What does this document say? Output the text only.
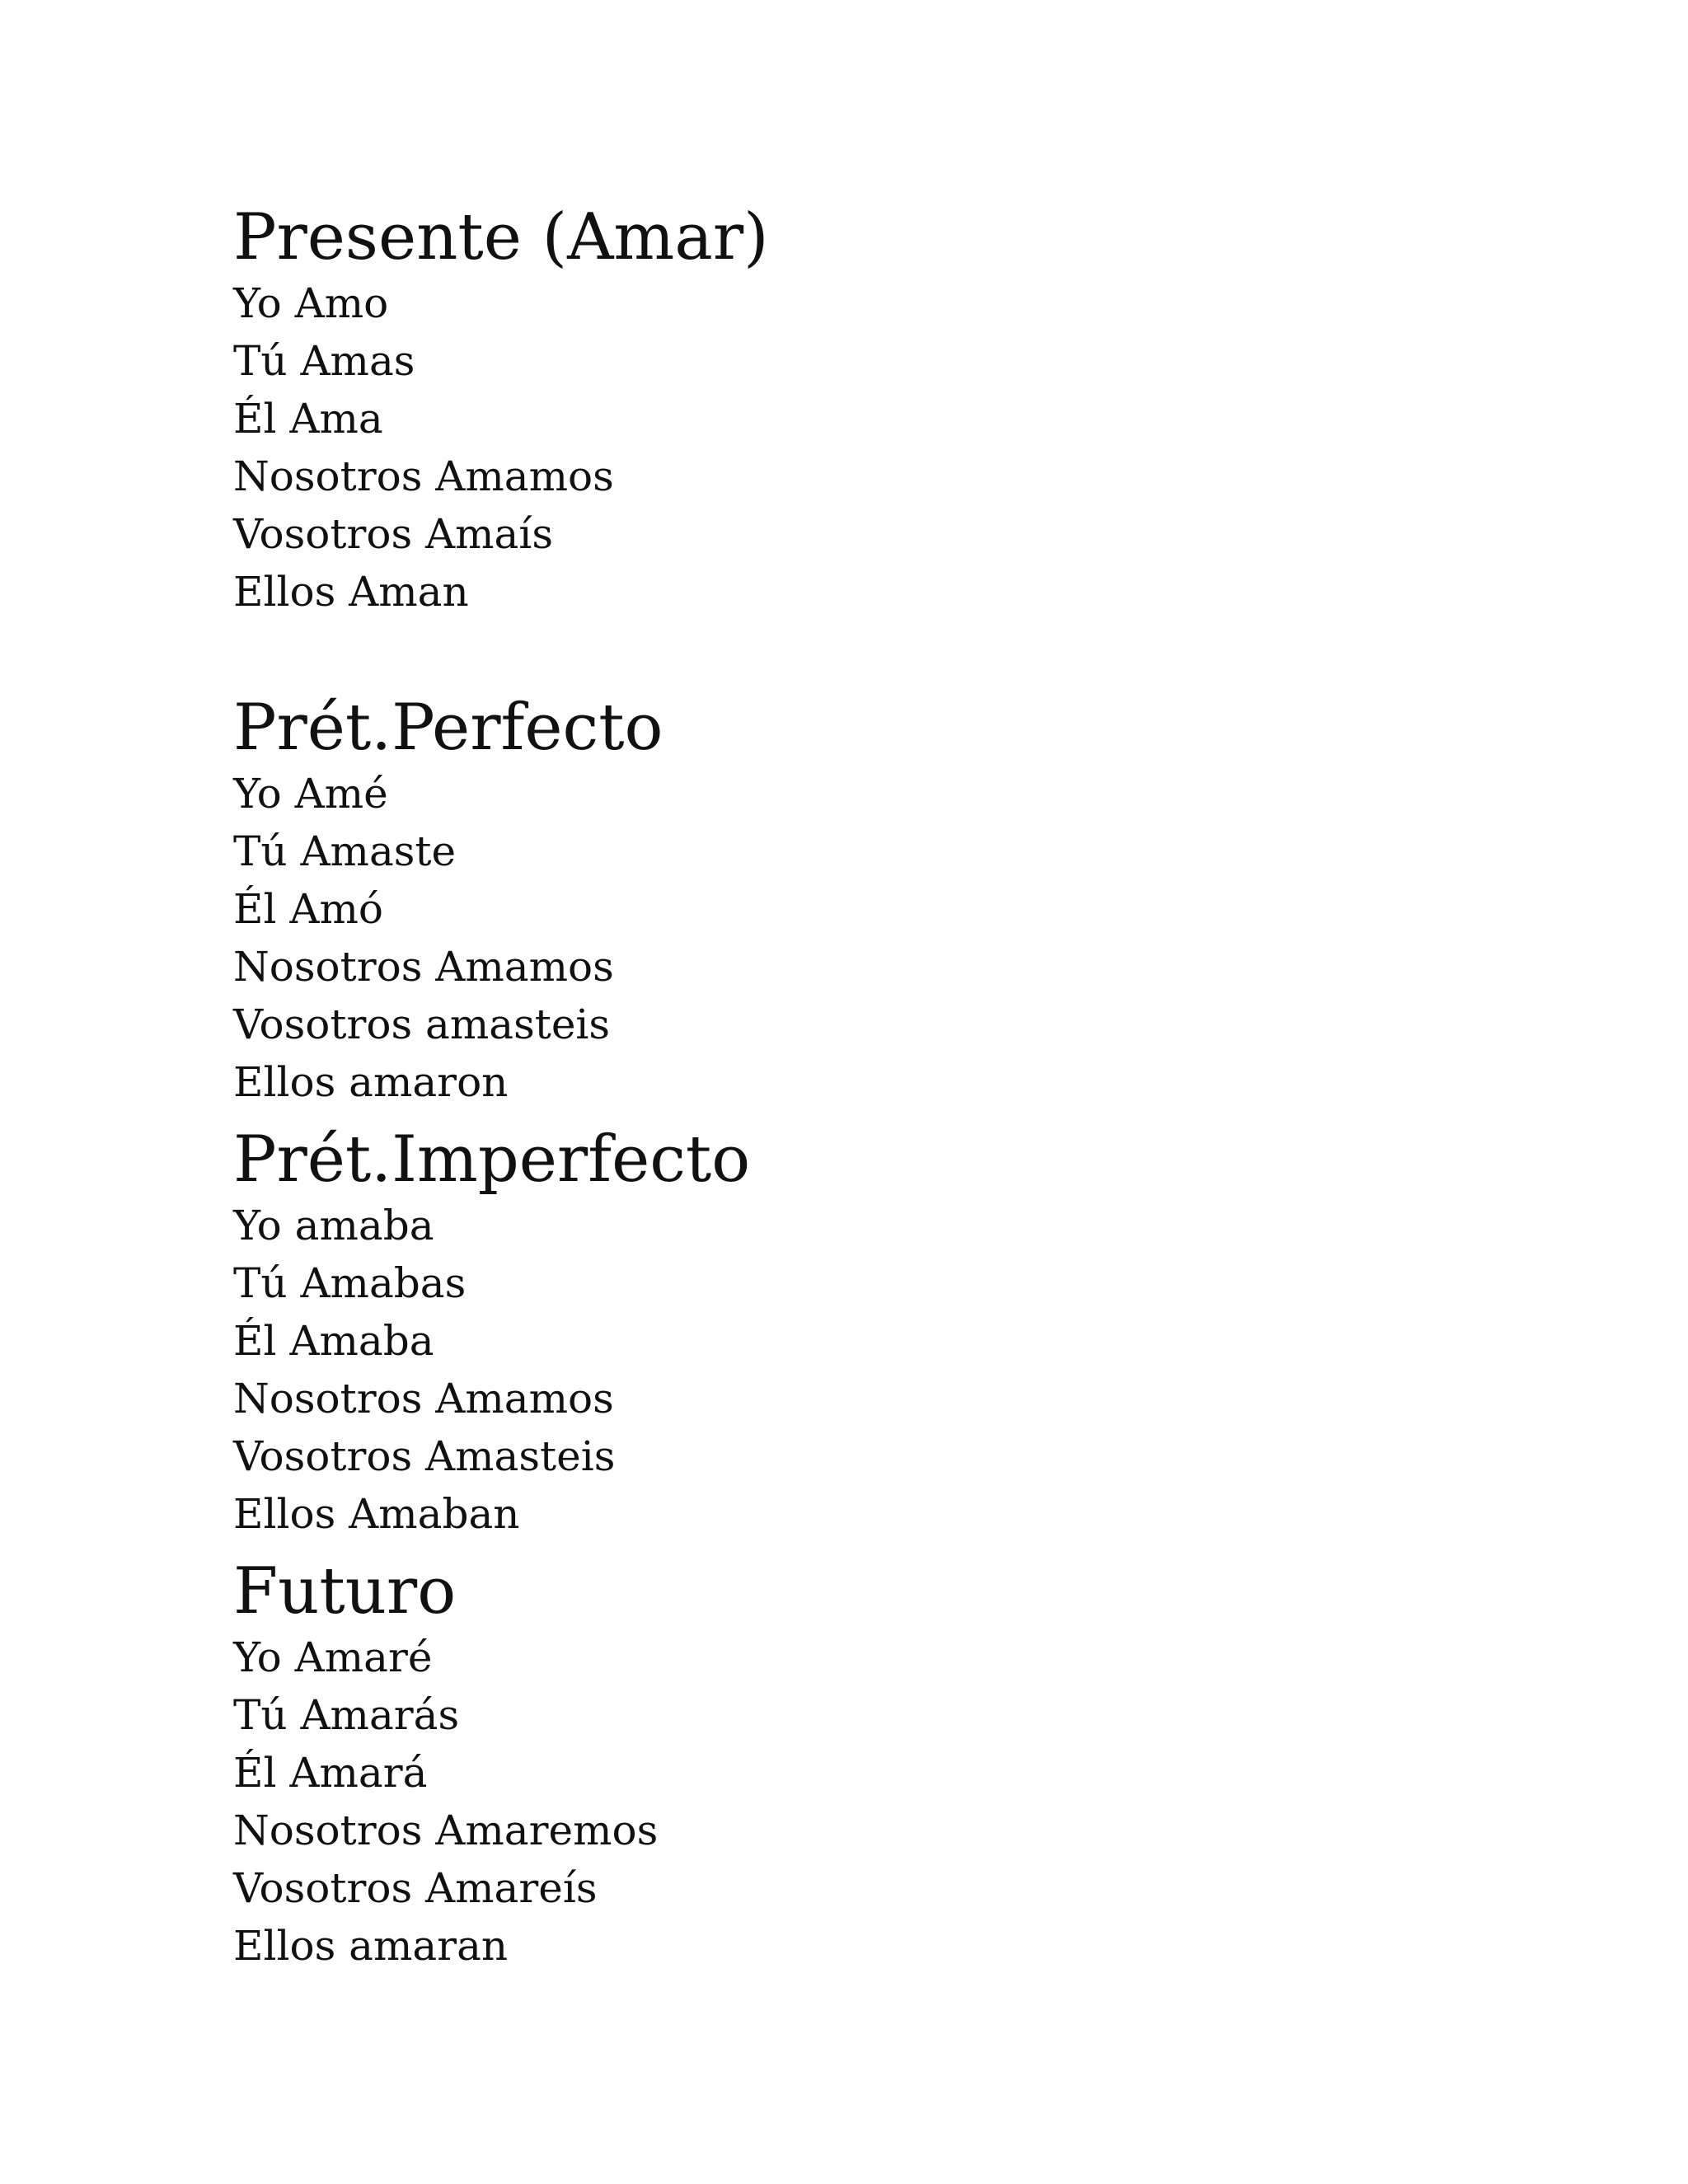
Presente (Amar)
Yo Amo
Tú Amas
Él Ama
Nosotros Amamos
Vosotros Amaís
Ellos Aman
Prét.Perfecto
Yo Amé
Tú Amaste
Él Amó
Nosotros Amamos
Vosotros amasteis
Ellos amaron
Prét.Imperfecto
Yo amaba
Tú Amabas
Él Amaba
Nosotros Amamos
Vosotros Amasteis
Ellos Amaban
Futuro
Yo Amaré
Tú Amarás
Él Amará
Nosotros Amaremos
Vosotros Amareís
Ellos amaran
